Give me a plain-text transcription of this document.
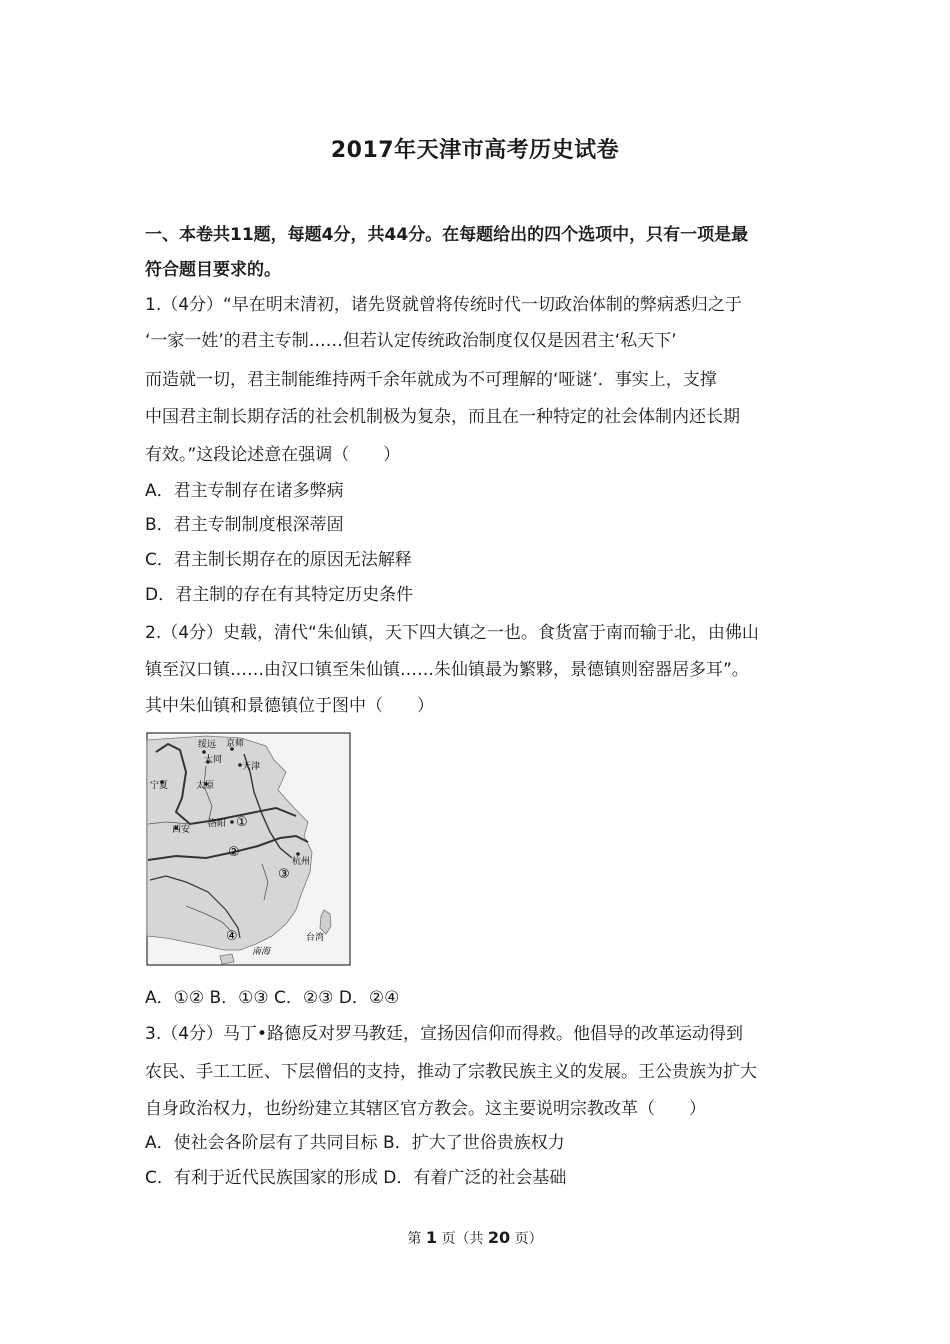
2017年天津市高考历史试卷
一、本卷共11题，每题4分，共44分。在每题给出的四个选项中，只有一项是最
符合题目要求的。
1.（4分）“早在明末清初，诸先贤就曾将传统时代一切政治体制的弊病悉归之于
‘一家一姓’的君主专制……但若认定传统政治制度仅仅是因君主‘私天下’
而造就一切，君主制能维持两千余年就成为不可理解的‘哑谜’．事实上，支撑
中国君主制长期存活的社会机制极为复杂，而且在一种特定的社会体制内还长期
有效。”这段论述意在强调（　　）
A．君主专制存在诸多弊病
B．君主专制制度根深蒂固
C．君主制长期存在的原因无法解释
D．君主制的存在有其特定历史条件
2.（4分）史载，清代“朱仙镇，天下四大镇之一也。食货富于南而输于北，由佛山
镇至汉口镇……由汉口镇至朱仙镇……朱仙镇最为繁夥，景德镇则窑器居多耳”。
其中朱仙镇和景德镇位于图中（　　）
绥远 京师
大同
天津
宁夏	太原
洛阳
西安
杭州
台湾
南海
①
②
③
④
A．①② B．①③ C．②③ D．②④
3.（4分）马丁•路德反对罗马教廷，宣扬因信仰而得救。他倡导的改革运动得到
农民、手工工匠、下层僧侣的支持，推动了宗教民族主义的发展。王公贵族为扩大
自身政治权力，也纷纷建立其辖区官方教会。这主要说明宗教改革（　　）
A．使社会各阶层有了共同目标 B．扩大了世俗贵族权力
C．有利于近代民族国家的形成 D．有着广泛的社会基础
第 1 页（共 20 页）
